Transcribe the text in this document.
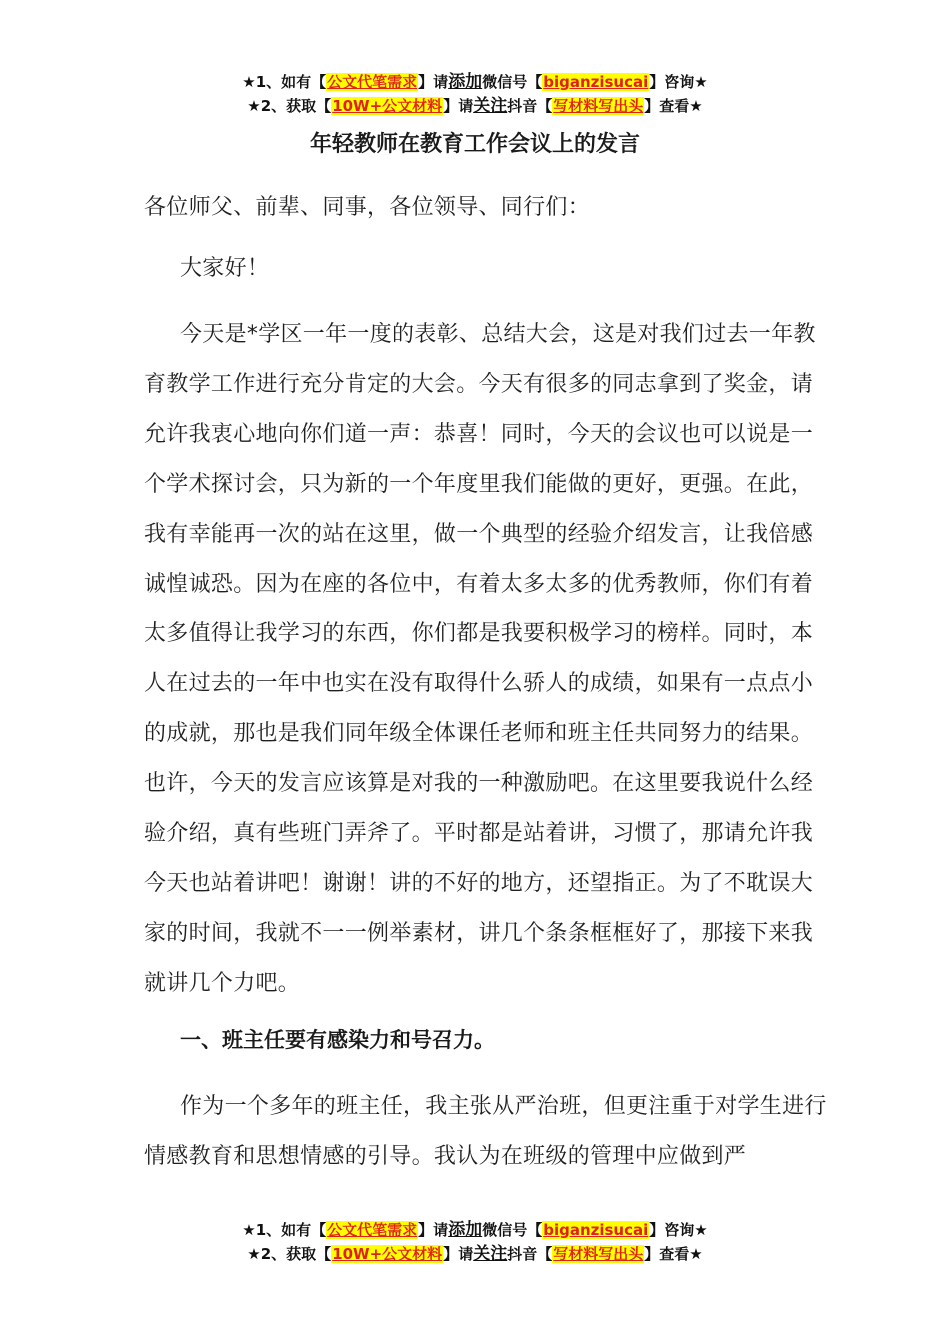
★1、如有【公文代笔需求】请添加微信号【biganzisucai】咨询★
★2、获取【10W+公文材料】请关注抖音【写材料写出头】查看★
年轻教师在教育工作会议上的发言
各位师父、前辈、同事，各位领导、同行们：
大家好！
今天是*学区一年一度的表彰、总结大会，这是对我们过去一年教育教学工作进行充分肯定的大会。今天有很多的同志拿到了奖金，请允许我衷心地向你们道一声：恭喜！同时，今天的会议也可以说是一个学术探讨会，只为新的一个年度里我们能做的更好，更强。在此，我有幸能再一次的站在这里，做一个典型的经验介绍发言，让我倍感诚惶诚恐。因为在座的各位中，有着太多太多的优秀教师，你们有着太多值得让我学习的东西，你们都是我要积极学习的榜样。同时，本人在过去的一年中也实在没有取得什么骄人的成绩，如果有一点点小的成就，那也是我们同年级全体课任老师和班主任共同努力的结果。也许，今天的发言应该算是对我的一种激励吧。在这里要我说什么经验介绍，真有些班门弄斧了。平时都是站着讲，习惯了，那请允许我今天也站着讲吧！谢谢！讲的不好的地方，还望指正。为了不耽误大家的时间，我就不一一例举素材，讲几个条条框框好了，那接下来我就讲几个力吧。
一、班主任要有感染力和号召力。
作为一个多年的班主任，我主张从严治班，但更注重于对学生进行情感教育和思想情感的引导。我认为在班级的管理中应做到严
★1、如有【公文代笔需求】请添加微信号【biganzisucai】咨询★
★2、获取【10W+公文材料】请关注抖音【写材料写出头】查看★
